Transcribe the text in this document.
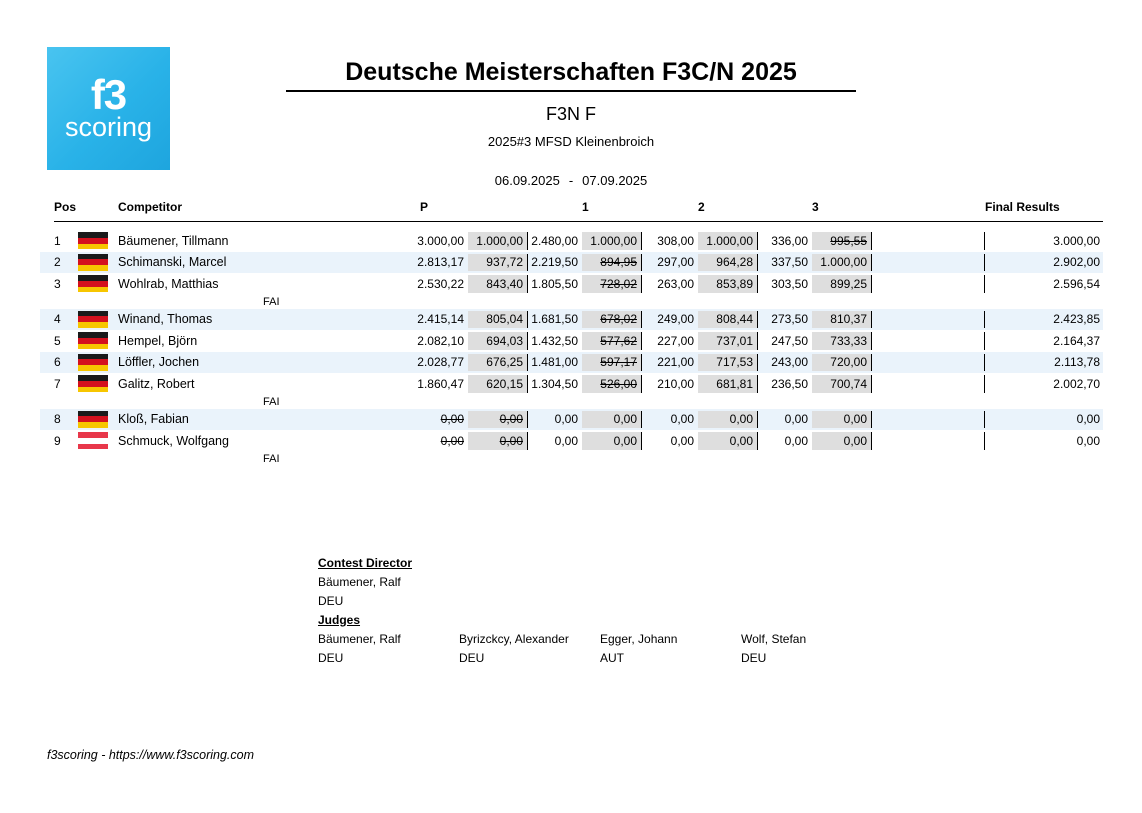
f3
scoring
Deutsche Meisterschaften F3C/N 2025
F3N F
2025#3 MFSD Kleinenbroich
06.09.2025 - 07.09.2025
Pos	Competitor	P	1	2	3	Final Results
1	Bäumener, Tillmann	3.000,00	1.000,00 2.480,00	1.000,00	308,00	1.000,00	336,00	995,55	3.000,00
2	Schimanski, Marcel	2.813,17	937,72 2.219,50	894,95	297,00	964,28	337,50	1.000,00	2.902,00
3	Wohlrab, Matthias	2.530,22	843,40 1.805,50	728,02	263,00	853,89	303,50	899,25	2.596,54
FAI
4	Winand, Thomas	2.415,14	805,04 1.681,50	678,02	249,00	808,44	273,50	810,37	2.423,85
5	Hempel, Björn	2.082,10	694,03 1.432,50	577,62	227,00	737,01	247,50	733,33	2.164,37
6	Löffler, Jochen	2.028,77	676,25 1.481,00	597,17	221,00	717,53	243,00	720,00	2.113,78
7	Galitz, Robert	1.860,47	620,15 1.304,50	526,00	210,00	681,81	236,50	700,74	2.002,70
FAI
8	Kloß, Fabian	0,00	0,00	0,00	0,00	0,00	0,00	0,00	0,00	0,00
9	Schmuck, Wolfgang	0,00	0,00	0,00	0,00	0,00	0,00	0,00	0,00	0,00
FAI
Contest Director
Bäumener, Ralf
DEU
Judges
Bäumener, Ralf	Byrizckcy, Alexander	Egger, Johann	Wolf, Stefan
DEU	DEU	AUT	DEU
f3scoring - https://www.f3scoring.com
